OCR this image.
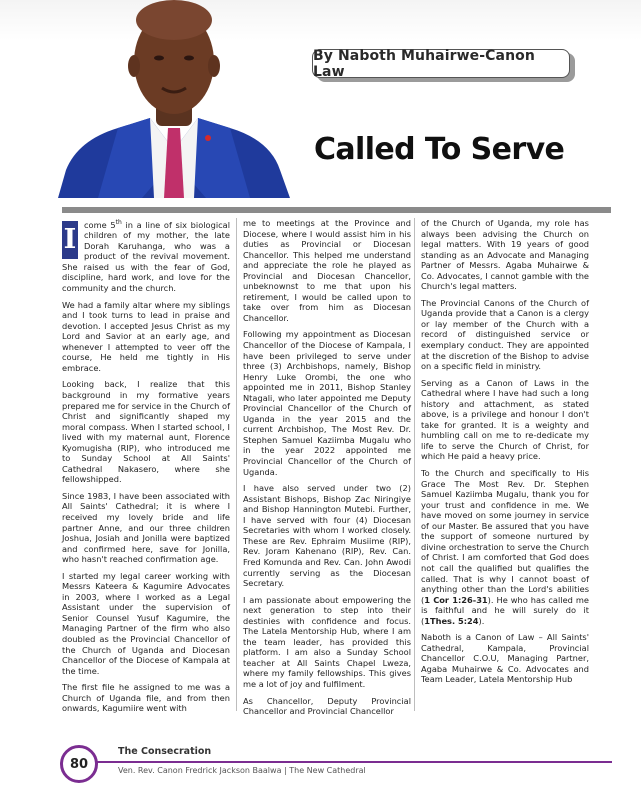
By Naboth Muhairwe-Canon Law
Called To Serve

I come 5th in a line of six biological children of my mother, the late Dorah Karuhanga, who was a product of the revival movement. She raised us with the fear of God, discipline, hard work, and love for the community and the church.

We had a family altar where my siblings and I took turns to lead in praise and devotion. I accepted Jesus Christ as my Lord and Savior at an early age, and whenever I attempted to veer off the course, He held me tightly in His embrace.

Looking back, I realize that this background in my formative years prepared me for service in the Church of Christ and significantly shaped my moral compass. When I started school, I lived with my maternal aunt, Florence Kyomugisha (RIP), who introduced me to Sunday School at All Saints' Cathedral Nakasero, where she fellowshipped.

Since 1983, I have been associated with All Saints' Cathedral; it is where I received my lovely bride and life partner Anne, and our three children Joshua, Josiah and Jonilla were baptized and confirmed here, save for Jonilla, who hasn't reached confirmation age.

I started my legal career working with Messrs Kateera & Kagumire Advocates in 2003, where I worked as a Legal Assistant under the supervision of Senior Counsel Yusuf Kagumire, the Managing Partner of the firm who also doubled as the Provincial Chancellor of the Church of Uganda and Diocesan Chancellor of the Diocese of Kampala at the time.

The first file he assigned to me was a Church of Uganda file, and from then onwards, Kagumiire went with

me to meetings at the Province and Diocese, where I would assist him in his duties as Provincial or Diocesan Chancellor. This helped me understand and appreciate the role he played as Provincial and Diocesan Chancellor, unbeknownst to me that upon his retirement, I would be called upon to take over from him as Diocesan Chancellor.

Following my appointment as Diocesan Chancellor of the Diocese of Kampala, I have been privileged to serve under three (3) Archbishops, namely, Bishop Henry Luke Orombi, the one who appointed me in 2011, Bishop Stanley Ntagali, who later appointed me Deputy Provincial Chancellor of the Church of Uganda in the year 2015 and the current Archbishop, The Most Rev. Dr. Stephen Samuel Kaziimba Mugalu who in the year 2022 appointed me Provincial Chancellor of the Church of Uganda.

I have also served under two (2) Assistant Bishops, Bishop Zac Niringiye and Bishop Hannington Mutebi. Further, I have served with four (4) Diocesan Secretaries with whom I worked closely. These are Rev. Ephraim Musiime (RIP), Rev. Joram Kahenano (RIP), Rev. Can. Fred Komunda and Rev. Can. John Awodi currently serving as the Diocesan Secretary.

I am passionate about empowering the next generation to step into their destinies with confidence and focus. The Latela Mentorship Hub, where I am the team leader, has provided this platform. I am also a Sunday School teacher at All Saints Chapel Lweza, where my family fellowships. This gives me a lot of joy and fulfilment.

As Chancellor, Deputy Provincial Chancellor and Provincial Chancellor

of the Church of Uganda, my role has always been advising the Church on legal matters. With 19 years of good standing as an Advocate and Managing Partner of Messrs. Agaba Muhairwe & Co. Advocates, I cannot gamble with the Church's legal matters.

The Provincial Canons of the Church of Uganda provide that a Canon is a clergy or lay member of the Church with a record of distinguished service or exemplary conduct. They are appointed at the discretion of the Bishop to advise on a specific field in ministry.

Serving as a Canon of Laws in the Cathedral where I have had such a long history and attachment, as stated above, is a privilege and honour I don't take for granted. It is a weighty and humbling call on me to re-dedicate my life to serve the Church of Christ, for which He paid a heavy price.

To the Church and specifically to His Grace The Most Rev. Dr. Stephen Samuel Kaziimba Mugalu, thank you for your trust and confidence in me. We have moved on some journey in service of our Master. Be assured that you have the support of someone nurtured by divine orchestration to serve the Church of Christ. I am comforted that God does not call the qualified but qualifies the called. That is why I cannot boast of anything other than the Lord's abilities (1 Cor 1:26-31). He who has called me is faithful and he will surely do it (1Thes. 5:24).

Naboth is a Canon of Law – All Saints' Cathedral, Kampala, Provincial Chancellor C.O.U, Managing Partner, Agaba Muhairwe & Co. Advocates and Team Leader, Latela Mentorship Hub

80
The Consecration
Ven. Rev. Canon Fredrick Jackson Baalwa | The New Cathedral
